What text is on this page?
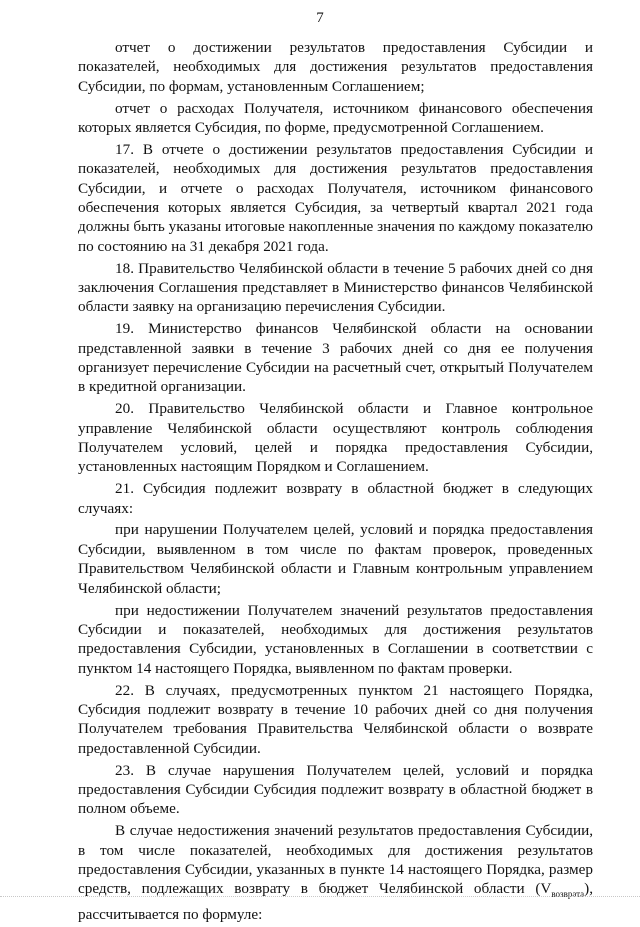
7

отчет о достижении результатов предоставления Субсидии и показателей, необходимых для достижения результатов предоставления Субсидии, по формам, установленным Соглашением;

отчет о расходах Получателя, источником финансового обеспечения которых является Субсидия, по форме, предусмотренной Соглашением.

17. В отчете о достижении результатов предоставления Субсидии и показателей, необходимых для достижения результатов предоставления Субсидии, и отчете о расходах Получателя, источником финансового обеспечения которых является Субсидия, за четвертый квартал 2021 года должны быть указаны итоговые накопленные значения по каждому показателю по состоянию на 31 декабря 2021 года.

18. Правительство Челябинской области в течение 5 рабочих дней со дня заключения Соглашения представляет в Министерство финансов Челябинской области заявку на организацию перечисления Субсидии.

19. Министерство финансов Челябинской области на основании представленной заявки в течение 3 рабочих дней со дня ее получения организует перечисление Субсидии на расчетный счет, открытый Получателем в кредитной организации.

20. Правительство Челябинской области и Главное контрольное управление Челябинской области осуществляют контроль соблюдения Получателем условий, целей и порядка предоставления Субсидии, установленных настоящим Порядком и Соглашением.

21. Субсидия подлежит возврату в областной бюджет в следующих случаях:

при нарушении Получателем целей, условий и порядка предоставления Субсидии, выявленном в том числе по фактам проверок, проведенных Правительством Челябинской области и Главным контрольным управлением Челябинской области;

при недостижении Получателем значений результатов предоставления Субсидии и показателей, необходимых для достижения результатов предоставления Субсидии, установленных в Соглашении в соответствии с пунктом 14 настоящего Порядка, выявленном по фактам проверки.

22. В случаях, предусмотренных пунктом 21 настоящего Порядка, Субсидия подлежит возврату в течение 10 рабочих дней со дня получения Получателем требования Правительства Челябинской области о возврате предоставленной Субсидии.

23. В случае нарушения Получателем целей, условий и порядка предоставления Субсидии Субсидия подлежит возврату в областной бюджет в полном объеме.

В случае недостижения значений результатов предоставления Субсидии, в том числе показателей, необходимых для достижения результатов предоставления Субсидии, указанных в пункте 14 настоящего Порядка, размер средств, подлежащих возврату в бюджет Челябинской области $(V_{возврата})$, рассчитывается по формуле:
